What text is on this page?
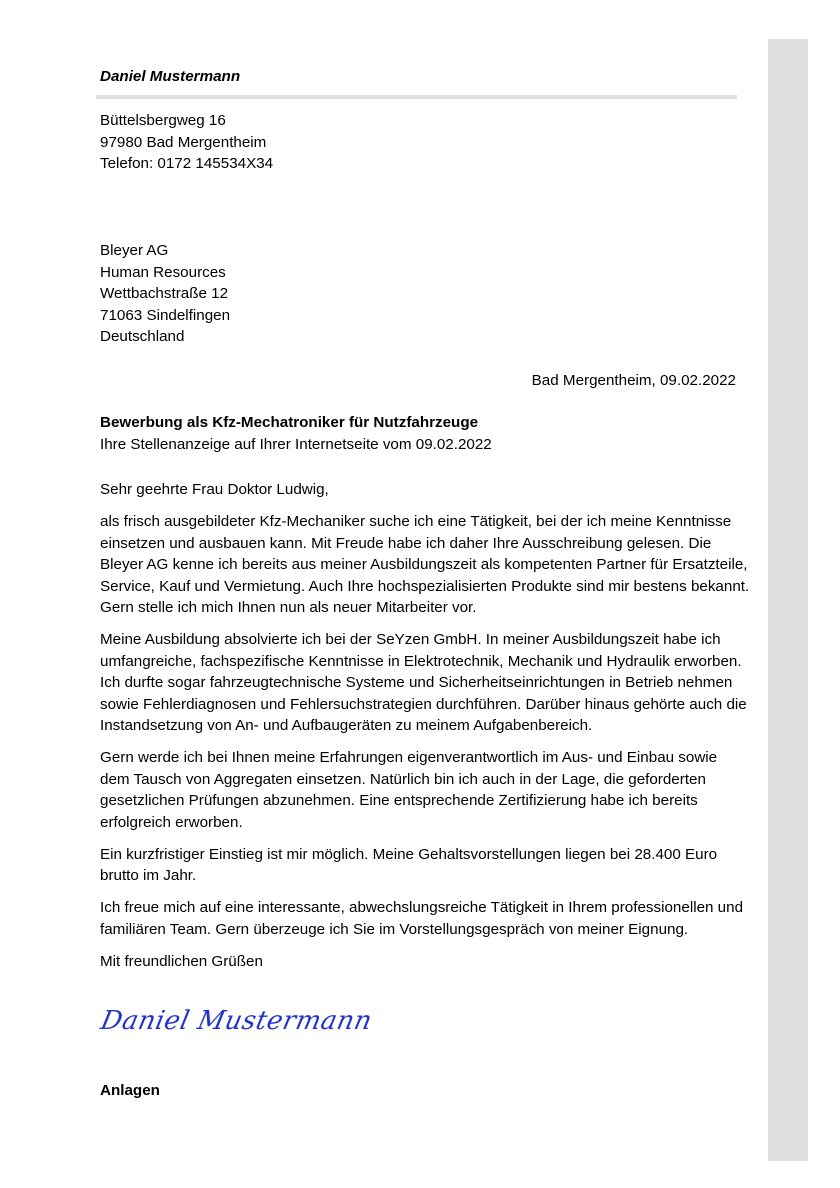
Daniel Mustermann
Büttelsbergweg 16
97980 Bad Mergentheim
Telefon: 0172 145534X34
Bleyer AG
Human Resources
Wettbachstraße 12
71063 Sindelfingen
Deutschland
Bad Mergentheim, 09.02.2022
Bewerbung als Kfz-Mechatroniker für Nutzfahrzeuge
Ihre Stellenanzeige auf Ihrer Internetseite vom 09.02.2022

Sehr geehrte Frau Doktor Ludwig,

als frisch ausgebildeter Kfz-Mechaniker suche ich eine Tätigkeit, bei der ich meine Kenntnisse einsetzen und ausbauen kann. Mit Freude habe ich daher Ihre Ausschreibung gelesen. Die Bleyer AG kenne ich bereits aus meiner Ausbildungszeit als kompetenten Partner für Ersatzteile, Service, Kauf und Vermietung. Auch Ihre hochspezialisierten Produkte sind mir bestens bekannt. Gern stelle ich mich Ihnen nun als neuer Mitarbeiter vor.

Meine Ausbildung absolvierte ich bei der SeYzen GmbH. In meiner Ausbildungszeit habe ich umfangreiche, fachspezifische Kenntnisse in Elektrotechnik, Mechanik und Hydraulik erworben. Ich durfte sogar fahrzeugtechnische Systeme und Sicherheitseinrichtungen in Betrieb nehmen sowie Fehlerdiagnosen und Fehlersuchstrategien durchführen. Darüber hinaus gehörte auch die Instandsetzung von An- und Aufbaugeräten zu meinem Aufgabenbereich.

Gern werde ich bei Ihnen meine Erfahrungen eigenverantwortlich im Aus- und Einbau sowie dem Tausch von Aggregaten einsetzen. Natürlich bin ich auch in der Lage, die geforderten gesetzlichen Prüfungen abzunehmen. Eine entsprechende Zertifizierung habe ich bereits erfolgreich erworben.

Ein kurzfristiger Einstieg ist mir möglich. Meine Gehaltsvorstellungen liegen bei 28.400 Euro brutto im Jahr.

Ich freue mich auf eine interessante, abwechslungsreiche Tätigkeit in Ihrem professionellen und familiären Team. Gern überzeuge ich Sie im Vorstellungsgespräch von meiner Eignung.

Mit freundlichen Grüßen

Daniel Mustermann
Anlagen
